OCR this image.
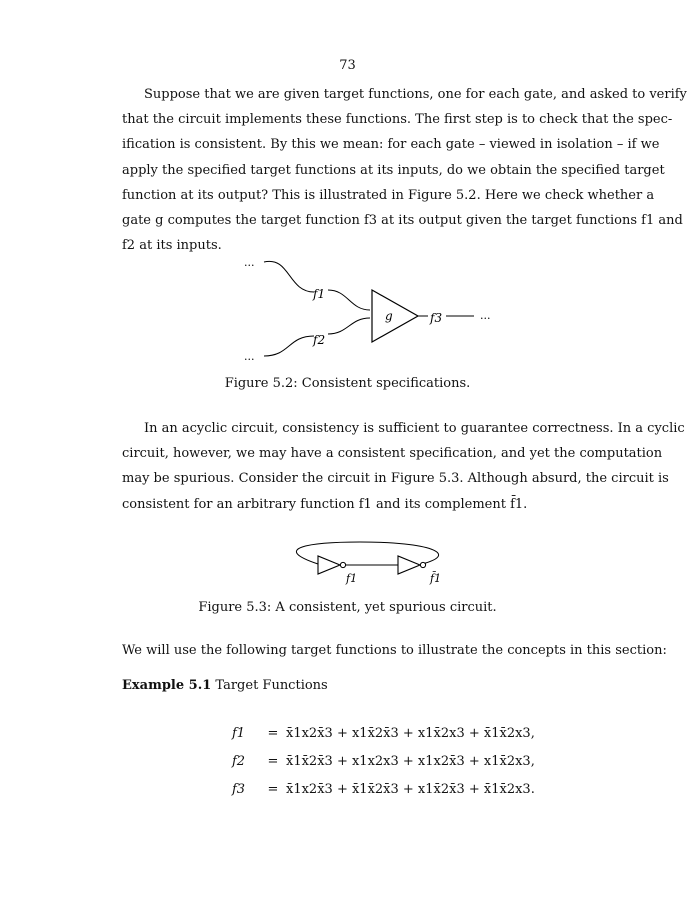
73
Suppose that we are given target functions, one for each gate, and asked to verify
that the circuit implements these functions. The first step is to check that the spec-
ification is consistent. By this we mean: for each gate – viewed in isolation – if we
apply the specified target functions at its inputs, do we obtain the specified target
function at its output? This is illustrated in Figure 5.2. Here we check whether a
gate g computes the target function f3 at its output given the target functions f1 and
f2 at its inputs.
...
f1
...
f2
g	f3	...
Figure 5.2: Consistent specifications.
In an acyclic circuit, consistency is sufficient to guarantee correctness. In a cyclic
circuit, however, we may have a consistent specification, and yet the computation
may be spurious. Consider the circuit in Figure 5.3. Although absurd, the circuit is
consistent for an arbitrary function f1 and its complement f̄1.
f1	f̄1
Figure 5.3: A consistent, yet spurious circuit.
We will use the following target functions to illustrate the concepts in this section:
Example 5.1 Target Functions
f1 = x̄1x2x̄3 + x1x̄2x̄3 + x1x̄2x3 + x̄1x̄2x3,
f2 = x̄1x̄2x̄3 + x1x2x3 + x1x2x̄3 + x1x̄2x3,
f3 = x̄1x2x̄3 + x̄1x̄2x̄3 + x1x̄2x̄3 + x̄1x̄2x3.
